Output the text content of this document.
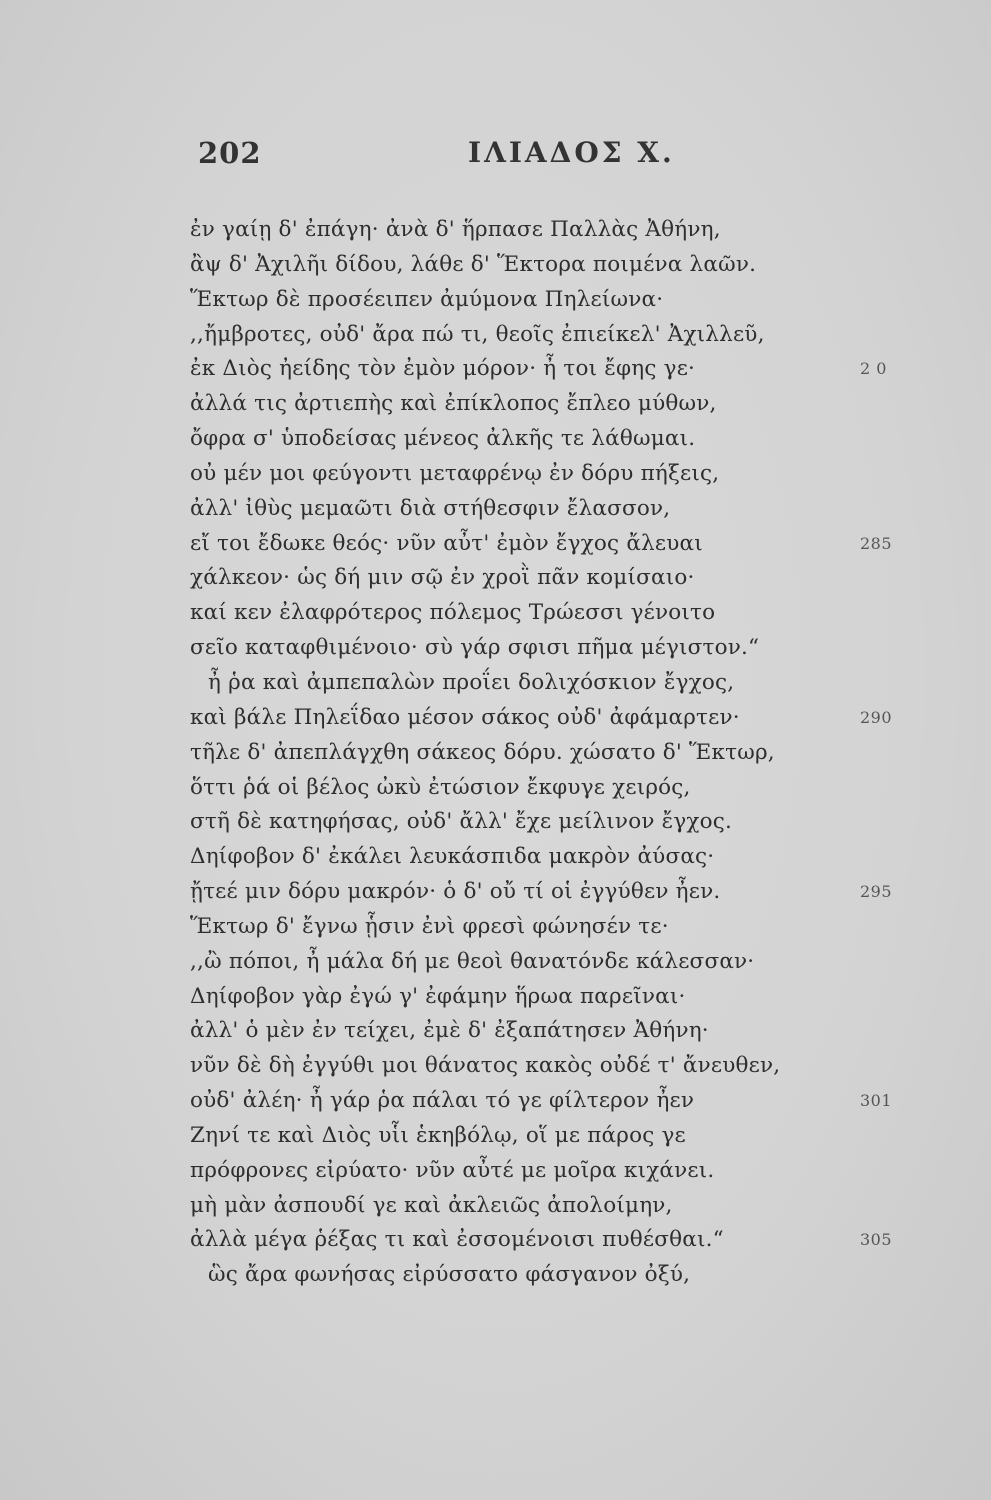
202	ΙΛΙΑΔΟΣ Χ.
ἐν γαίῃ δ' ἐπάγη· ἀνὰ δ' ἥρπασε Παλλὰς Ἀθήνη,
ἂψ δ' Ἀχιλῆι δίδου, λάθε δ' Ἕκτορα ποιμένα λαῶν.
Ἕκτωρ δὲ προσέειπεν ἀμύμονα Πηλείωνα·
,,ἤμβροτες, οὐδ' ἄρα πώ τι, θεοῖς ἐπιείκελ' Ἀχιλλεῦ,
ἐκ Διὸς ἠείδης τὸν ἐμὸν μόρον· ἦ τοι ἔφης γε·	2 0
ἀλλά τις ἀρτιεπὴς καὶ ἐπίκλοπος ἔπλεο μύθων,
ὄφρα σ' ὑποδείσας μένεος ἀλκῆς τε λάθωμαι.
οὐ μέν μοι φεύγοντι μεταφρένῳ ἐν δόρυ πήξεις,
ἀλλ' ἰθὺς μεμαῶτι διὰ στήθεσφιν ἔλασσον,
εἴ τοι ἔδωκε θεός· νῦν αὖτ' ἐμὸν ἔγχος ἄλευαι	285
χάλκεον· ὡς δή μιν σῷ ἐν χροῒ πᾶν κομίσαιο·
καί κεν ἐλαφρότερος πόλεμος Τρώεσσι γένοιτο
σεῖο καταφθιμένοιο· σὺ γάρ σφισι πῆμα μέγιστον.“
ἦ ῥα καὶ ἀμπεπαλὼν προΐει δολιχόσκιον ἔγχος,
καὶ βάλε Πηλεΐδαο μέσον σάκος οὐδ' ἀφάμαρτεν·	290
τῆλε δ' ἀπεπλάγχθη σάκεος δόρυ. χώσατο δ' Ἕκτωρ,
ὅττι ῥά οἱ βέλος ὠκὺ ἐτώσιον ἔκφυγε χειρός,
στῆ δὲ κατηφήσας, οὐδ' ἄλλ' ἔχε μείλινον ἔγχος.
Δηίφοβον δ' ἐκάλει λευκάσπιδα μακρὸν ἀύσας·
ᾔτεέ μιν δόρυ μακρόν· ὁ δ' οὔ τί οἱ ἐγγύθεν ἦεν.	295
Ἕκτωρ δ' ἔγνω ᾗσιν ἐνὶ φρεσὶ φώνησέν τε·
,,ὢ πόποι, ἦ μάλα δή με θεοὶ θανατόνδε κάλεσσαν·
Δηίφοβον γὰρ ἐγώ γ' ἐφάμην ἥρωα παρεῖναι·
ἀλλ' ὁ μὲν ἐν τείχει, ἐμὲ δ' ἐξαπάτησεν Ἀθήνη·
νῦν δὲ δὴ ἐγγύθι μοι θάνατος κακὸς οὐδέ τ' ἄνευθεν,
οὐδ' ἀλέη· ἦ γάρ ῥα πάλαι τό γε φίλτερον ἦεν	301
Ζηνί τε καὶ Διὸς υἷι ἑκηβόλῳ, οἵ με πάρος γε
πρόφρονες εἰρύατο· νῦν αὖτέ με μοῖρα κιχάνει.
μὴ μὰν ἀσπουδί γε καὶ ἀκλειῶς ἀπολοίμην,
ἀλλὰ μέγα ῥέξας τι καὶ ἐσσομένοισι πυθέσθαι.“	305
ὣς ἄρα φωνήσας εἰρύσσατο φάσγανον ὀξύ,
